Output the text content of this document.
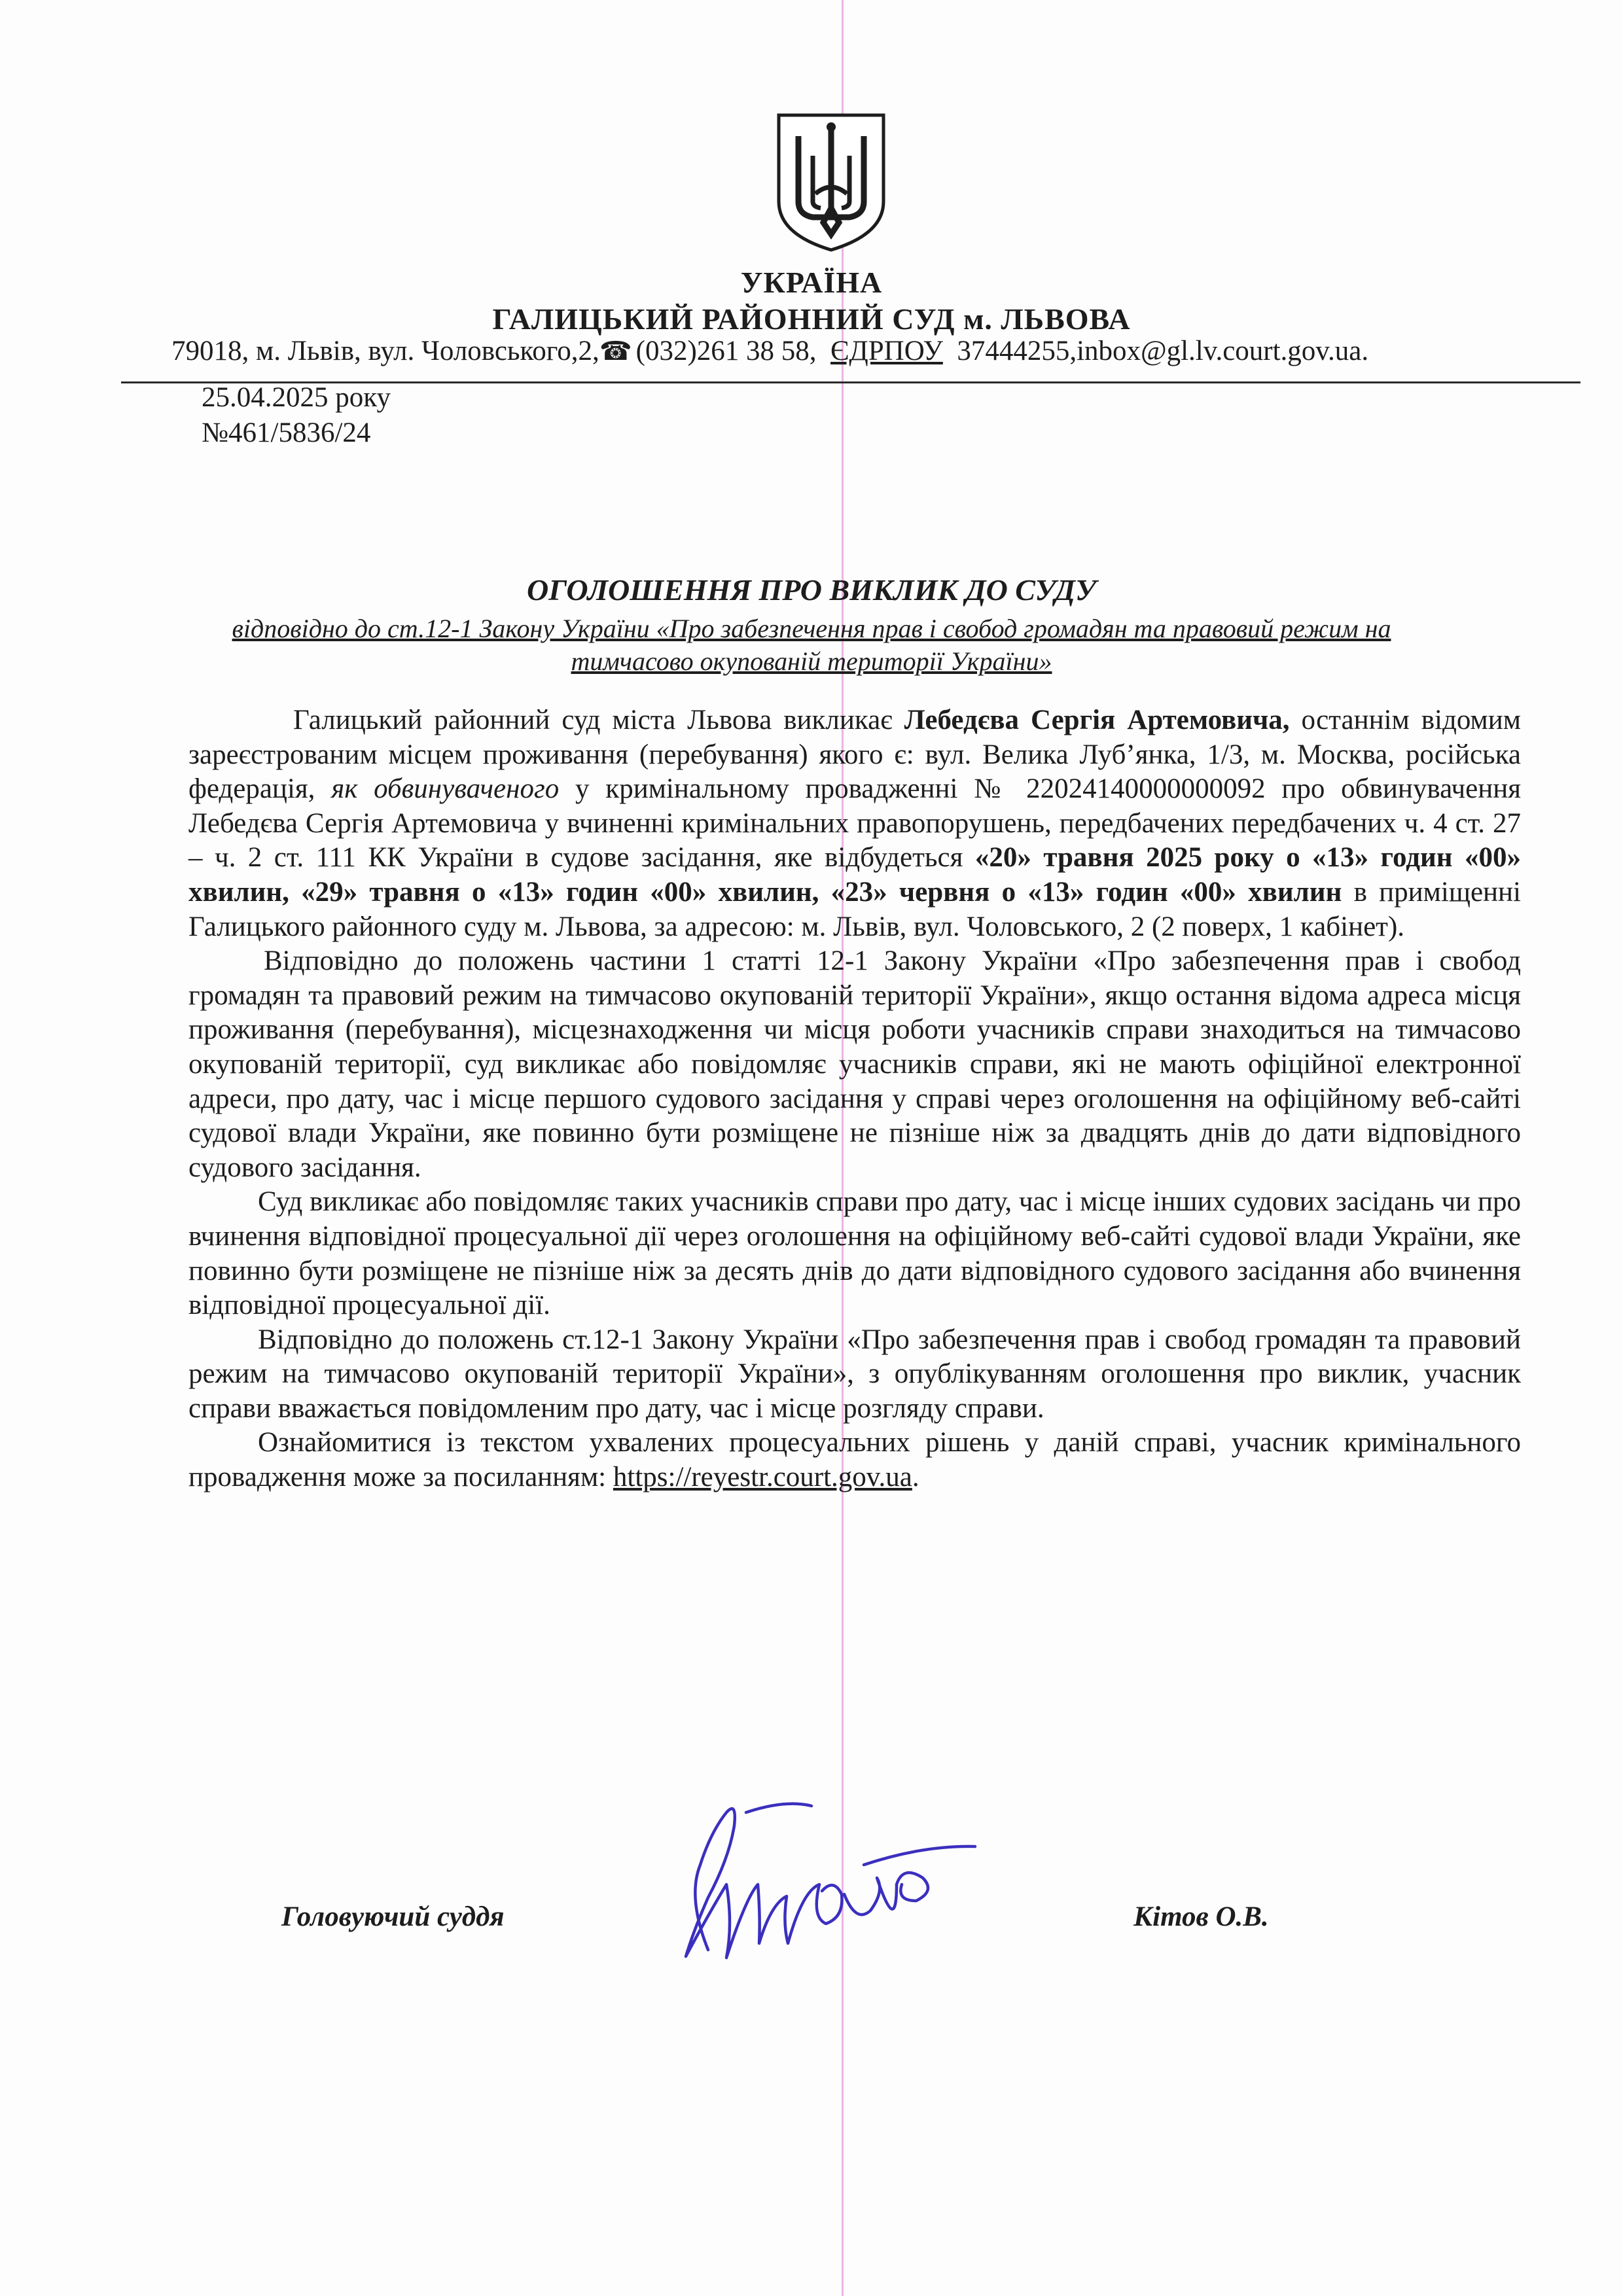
УКРАЇНА
ГАЛИЦЬКИЙ РАЙОННИЙ СУД м. ЛЬВОВА
79018, м. Львів, вул. Чоловського,2,☎ (032)261 38 58, ЄДРПОУ 37444255,inbox@gl.lv.court.gov.ua.
25.04.2025 року
№461/5836/24
ОГОЛОШЕННЯ ПРО ВИКЛИК ДО СУДУ
відповідно до ст.12-1 Закону України «Про забезпечення прав і свобод громадян та правовий режим на тимчасово окупованій території України»

Галицький районний суд міста Львова викликає Лебедєва Сергія Артемовича, останнім відомим зареєстрованим місцем проживання (перебування) якого є: вул. Велика Луб’янка, 1/3, м. Москва, російська федерація, як обвинуваченого у кримінальному провадженні № 22024140000000092 про обвинувачення Лебедєва Сергія Артемовича у вчиненні кримінальних правопорушень, передбачених передбачених ч. 4 ст. 27 – ч. 2 ст. 111 КК України в судове засідання, яке відбудеться «20» травня 2025 року о «13» годин «00» хвилин, «29» травня о «13» годин «00» хвилин, «23» червня о «13» годин «00» хвилин в приміщенні Галицького районного суду м. Львова, за адресою: м. Львів, вул. Чоловського, 2 (2 поверх, 1 кабінет).

Відповідно до положень частини 1 статті 12-1 Закону України «Про забезпечення прав і свобод громадян та правовий режим на тимчасово окупованій території України», якщо остання відома адреса місця проживання (перебування), місцезнаходження чи місця роботи учасників справи знаходиться на тимчасово окупованій території, суд викликає або повідомляє учасників справи, які не мають офіційної електронної адреси, про дату, час і місце першого судового засідання у справі через оголошення на офіційному веб-сайті судової влади України, яке повинно бути розміщене не пізніше ніж за двадцять днів до дати відповідного судового засідання.

Суд викликає або повідомляє таких учасників справи про дату, час і місце інших судових засідань чи про вчинення відповідної процесуальної дії через оголошення на офіційному веб-сайті судової влади України, яке повинно бути розміщене не пізніше ніж за десять днів до дати відповідного судового засідання або вчинення відповідної процесуальної дії.

Відповідно до положень ст.12-1 Закону України «Про забезпечення прав і свобод громадян та правовий режим на тимчасово окупованій території України», з опублікуванням оголошення про виклик, учасник справи вважається повідомленим про дату, час і місце розгляду справи.

Ознайомитися із текстом ухвалених процесуальних рішень у даній справі, учасник кримінального провадження може за посиланням: https://reyestr.court.gov.ua.

Головуючий суддя	Кітов О.В.
